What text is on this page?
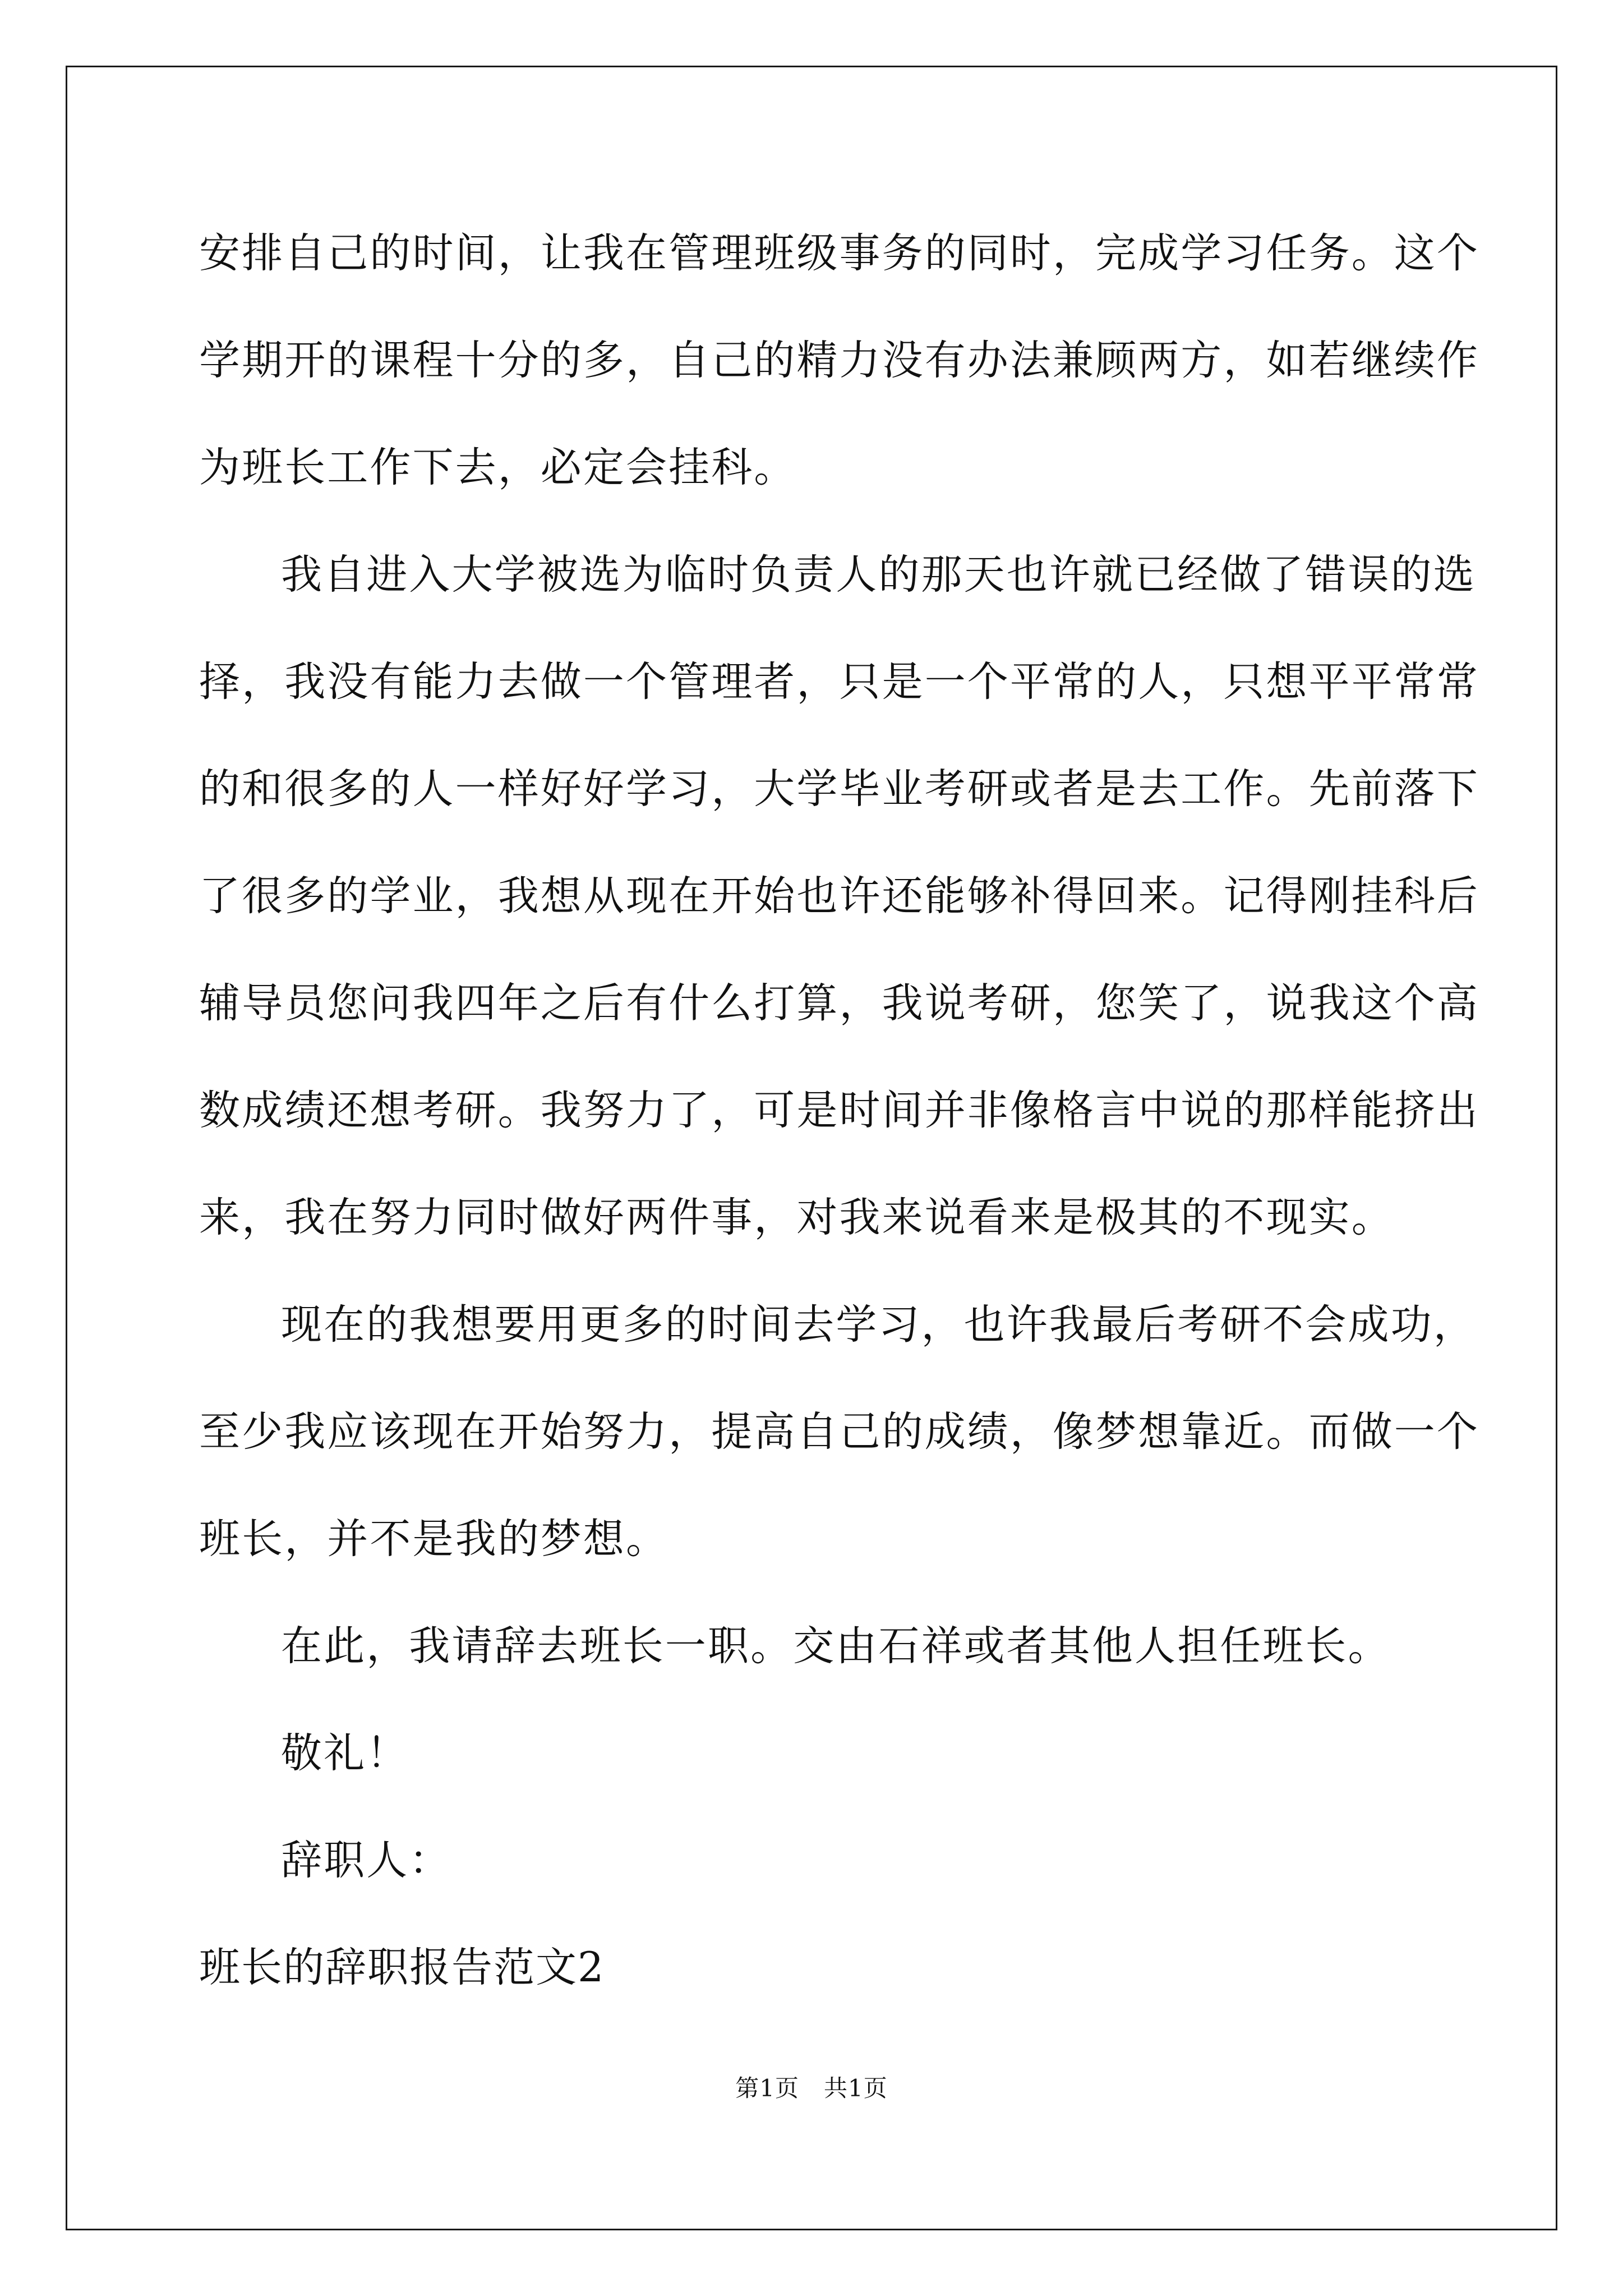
安排自己的时间，让我在管理班级事务的同时，完成学习任务。这个
学期开的课程十分的多，自己的精力没有办法兼顾两方，如若继续作
为班长工作下去，必定会挂科。
我自进入大学被选为临时负责人的那天也许就已经做了错误的选
择，我没有能力去做一个管理者，只是一个平常的人，只想平平常常
的和很多的人一样好好学习，大学毕业考研或者是去工作。先前落下
了很多的学业，我想从现在开始也许还能够补得回来。记得刚挂科后
辅导员您问我四年之后有什么打算，我说考研，您笑了，说我这个高
数成绩还想考研。我努力了，可是时间并非像格言中说的那样能挤出
来，我在努力同时做好两件事，对我来说看来是极其的不现实。
现在的我想要用更多的时间去学习，也许我最后考研不会成功，
至少我应该现在开始努力，提高自己的成绩，像梦想靠近。而做一个
班长，并不是我的梦想。
在此，我请辞去班长一职。交由石祥或者其他人担任班长。
敬礼！
辞职人：
班长的辞职报告范文2
第1页 共1页
